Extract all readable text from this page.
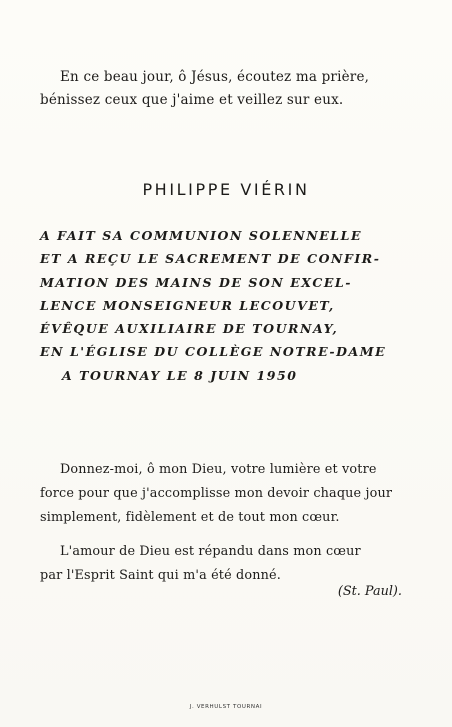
En ce beau jour, ô Jésus, écoutez ma prière,
bénissez ceux que j'aime et veillez sur eux.
PHILIPPE VIÉRIN
A FAIT SA COMMUNION SOLENNELLE
ET A REÇU LE SACREMENT DE CONFIR-
MATION DES MAINS DE SON EXCEL-
LENCE MONSEIGNEUR LECOUVET,
ÉVÊQUE AUXILIAIRE DE TOURNAY,
EN L'ÉGLISE DU COLLÈGE NOTRE-DAME
A TOURNAY LE 8 JUIN 1950
Donnez-moi, ô mon Dieu, votre lumière et votre
force pour que j'accomplisse mon devoir chaque jour
simplement, fidèlement et de tout mon cœur.
L'amour de Dieu est répandu dans mon cœur
par l'Esprit Saint qui m'a été donné.
(St. Paul).
J. VERHULST TOURNAI
